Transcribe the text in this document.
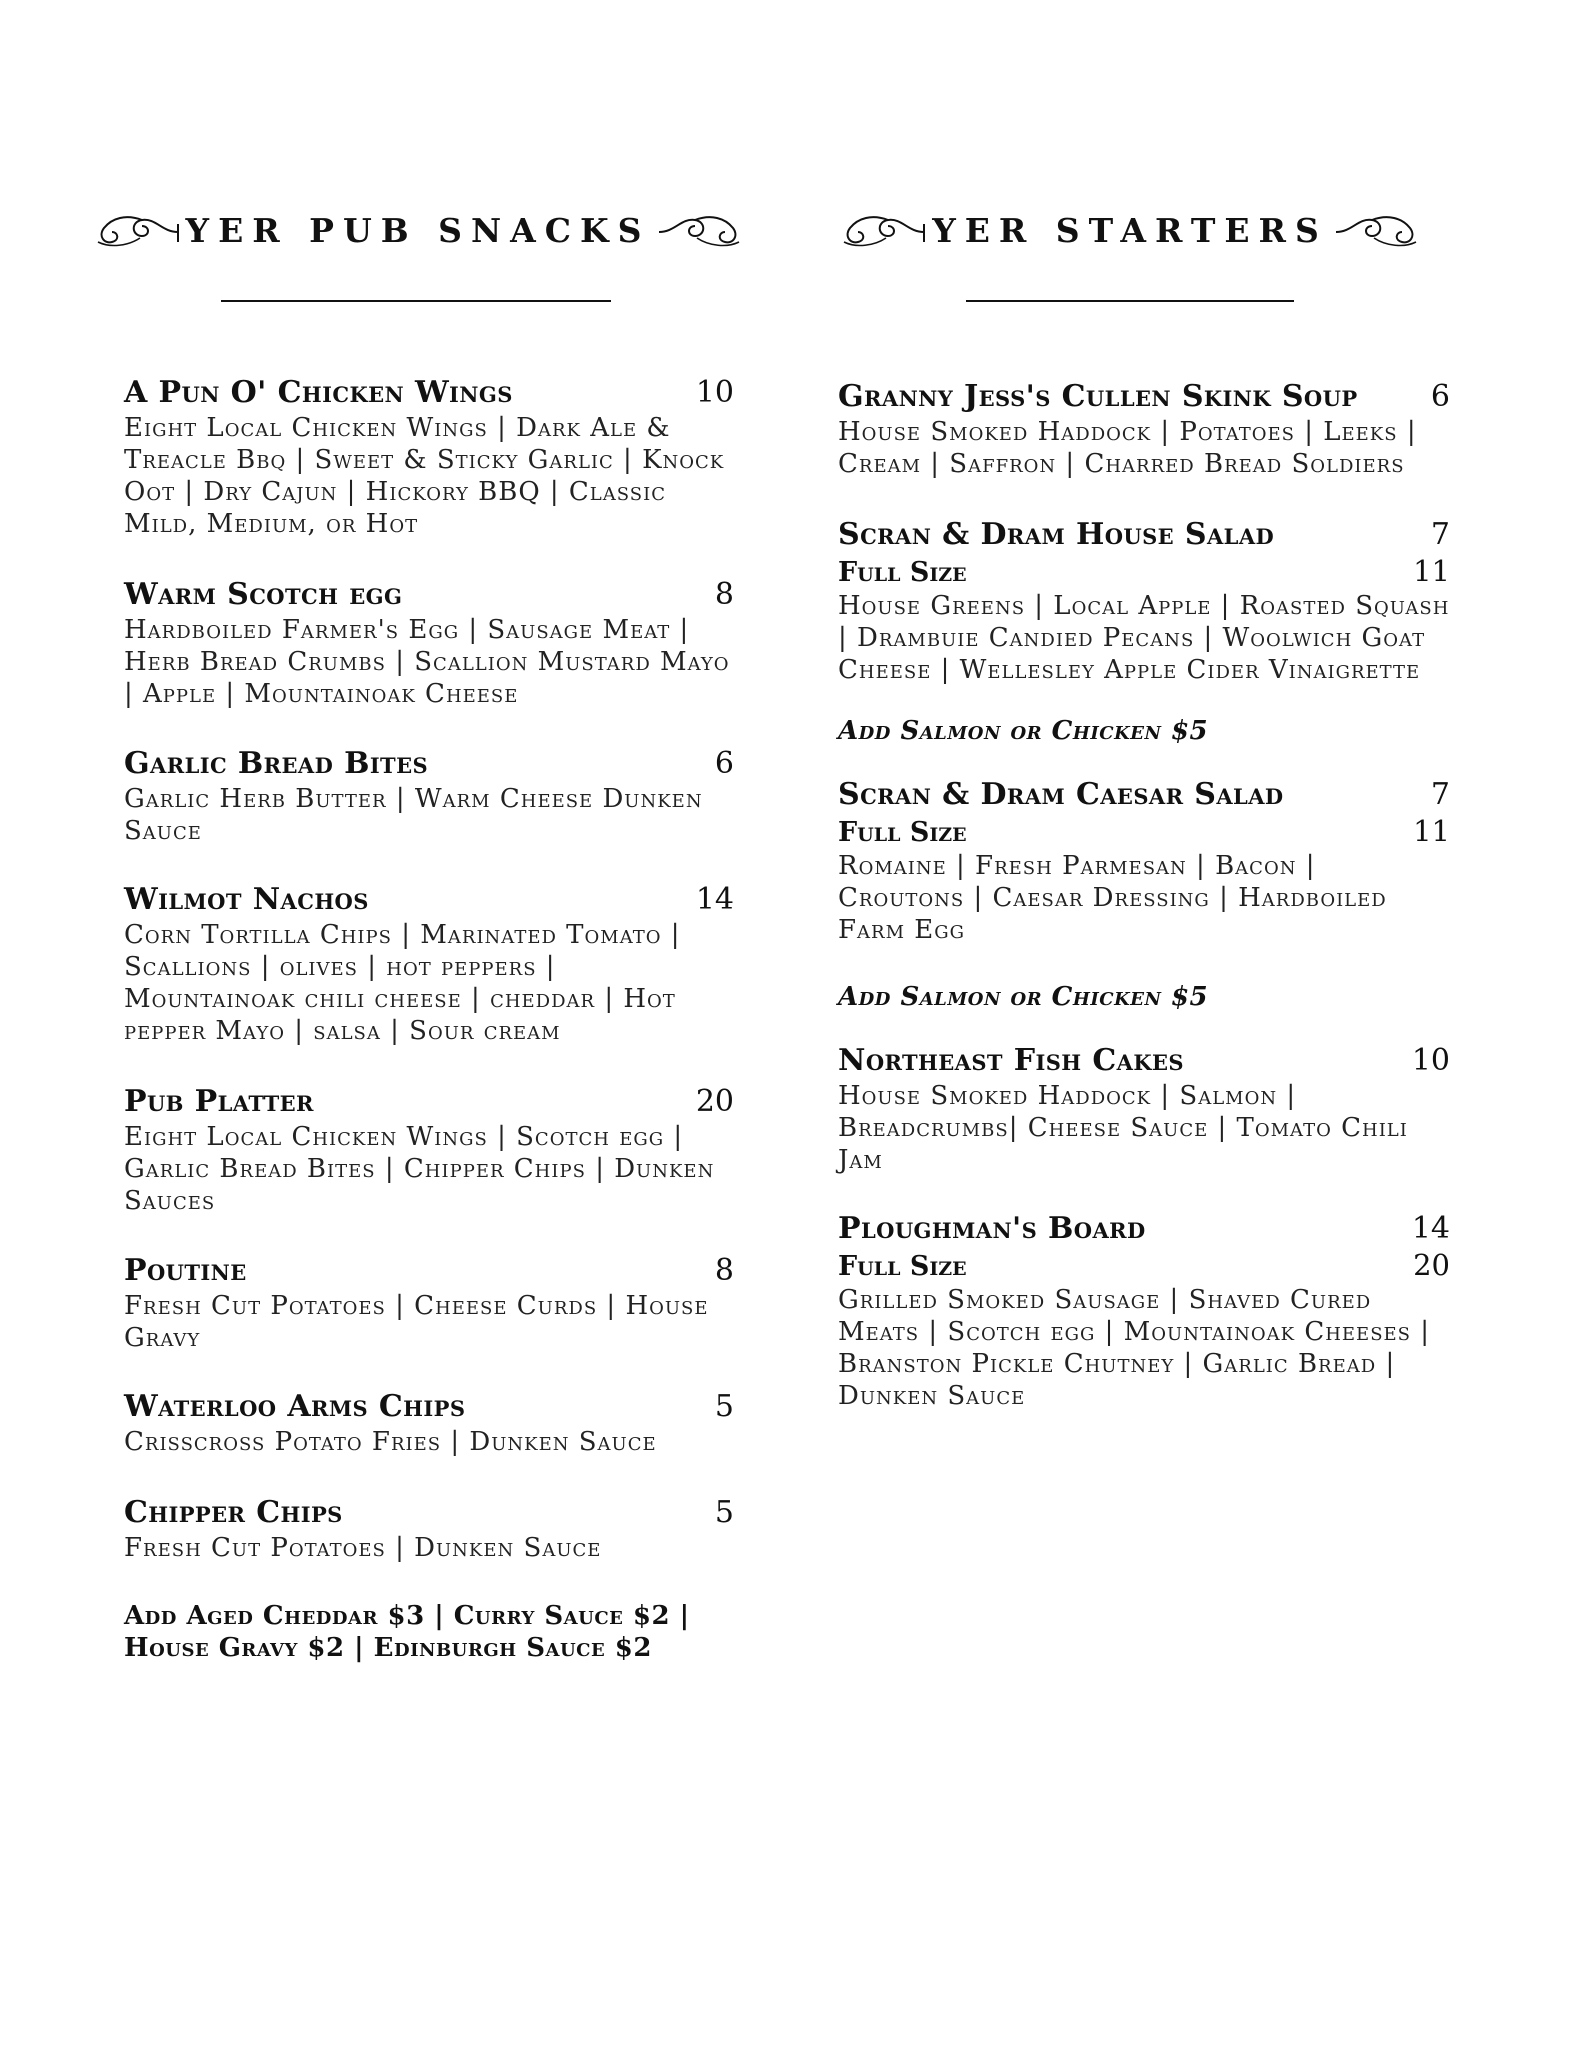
YER PUB SNACKS
A Pun O' Chicken Wings	10
Eight Local Chicken Wings | Dark Ale & Treacle Bbq | Sweet & Sticky Garlic | Knock Oot | Dry Cajun | Hickory BBQ | Classic Mild, Medium, or Hot
Warm Scotch egg	8
Hardboiled Farmer's Egg | Sausage Meat | Herb Bread Crumbs | Scallion Mustard Mayo | Apple | Mountainoak Cheese
Garlic Bread Bites	6
Garlic Herb Butter | Warm Cheese Dunken Sauce
Wilmot Nachos	14
Corn Tortilla Chips | Marinated Tomato | Scallions | olives | hot peppers | Mountainoak chili cheese | cheddar | Hot pepper Mayo | salsa | Sour cream
Pub Platter	20
Eight Local Chicken Wings | Scotch egg | Garlic Bread Bites | Chipper Chips | Dunken Sauces
Poutine	8
Fresh Cut Potatoes | Cheese Curds | House Gravy
Waterloo Arms Chips	5
Crisscross Potato Fries | Dunken Sauce
Chipper Chips	5
Fresh Cut Potatoes | Dunken Sauce
Add Aged Cheddar $3 | Curry Sauce $2 |
House Gravy $2 | Edinburgh Sauce $2
YER STARTERS
Granny Jess's Cullen Skink Soup 6
House Smoked Haddock | Potatoes | Leeks | Cream | Saffron | Charred Bread Soldiers
Scran & Dram House Salad	7
Full Size	11
House Greens | Local Apple | Roasted Squash | Drambuie Candied Pecans | Woolwich Goat Cheese | Wellesley Apple Cider Vinaigrette
Add Salmon or Chicken $5
Scran & Dram Caesar Salad	7
Full Size	11
Romaine | Fresh Parmesan | Bacon | Croutons | Caesar Dressing | Hardboiled Farm Egg
Add Salmon or Chicken $5
Northeast Fish Cakes	10
House Smoked Haddock | Salmon | Breadcrumbs| Cheese Sauce | Tomato Chili Jam
Ploughman's Board	14
Full Size	20
Grilled Smoked Sausage | Shaved Cured Meats | Scotch egg | Mountainoak Cheeses | Branston Pickle Chutney | Garlic Bread | Dunken Sauce
